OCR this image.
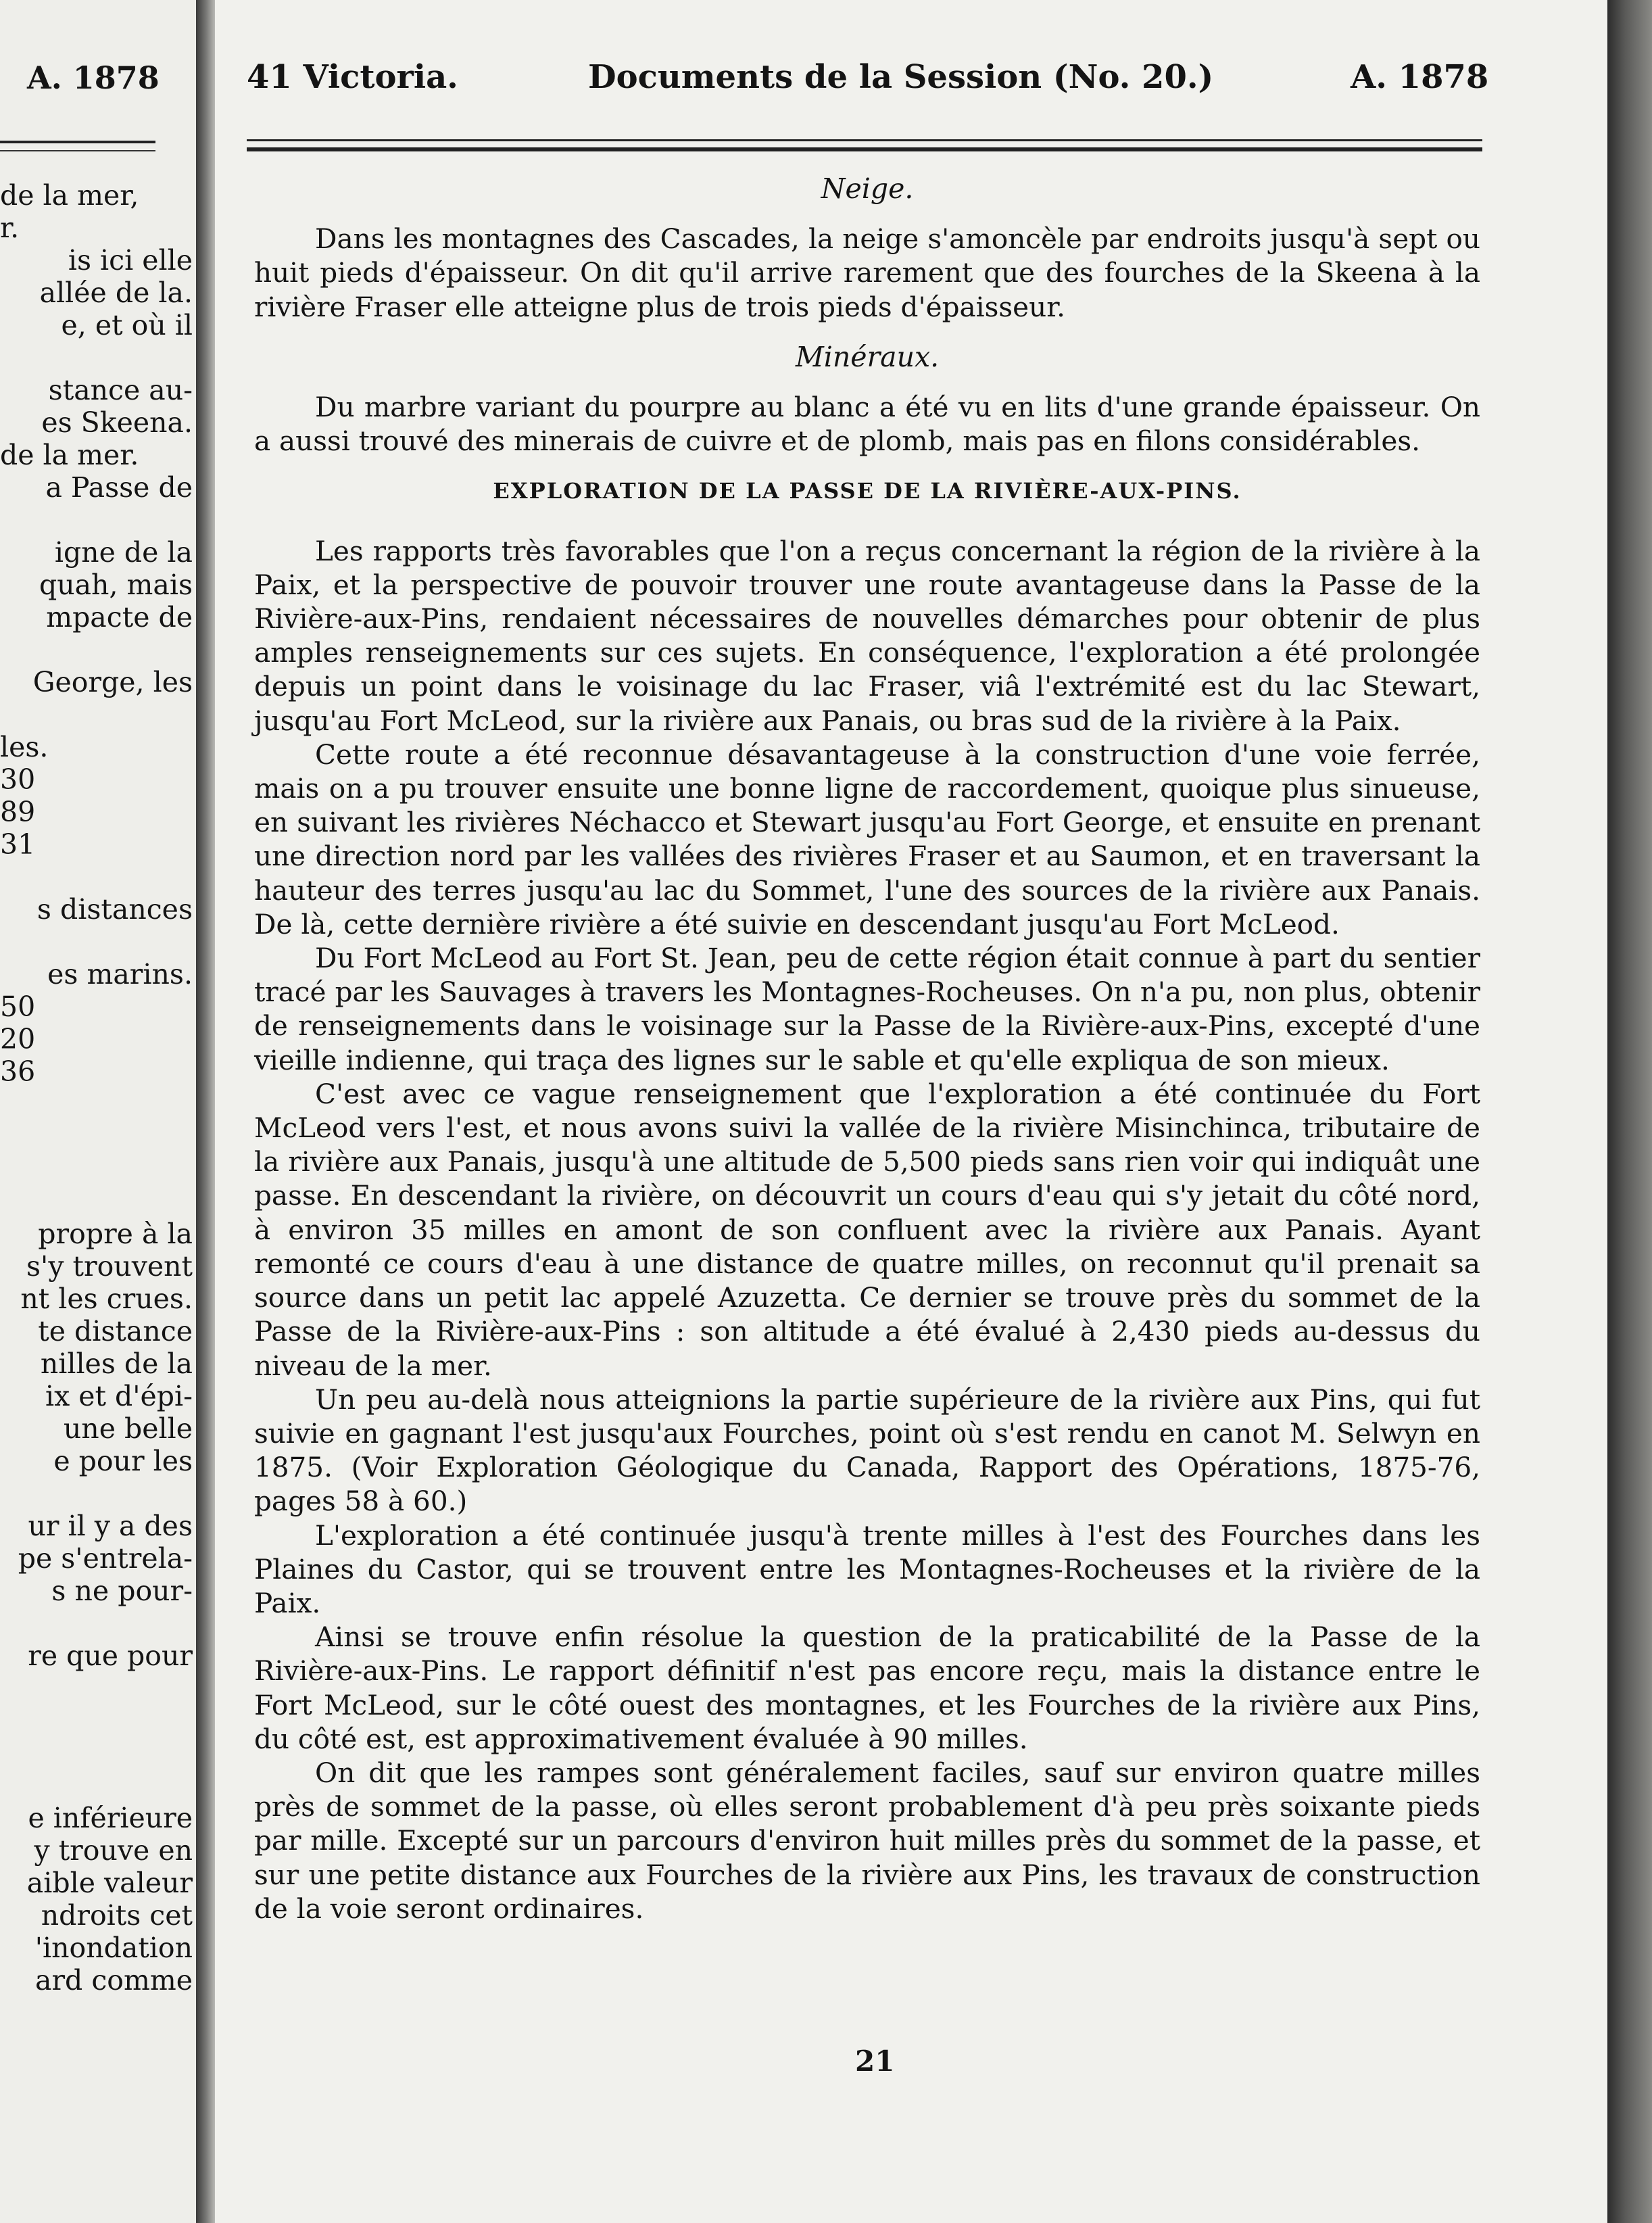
A. 1878
de la mer,
r.
is ici elle
allée de la.
e, et où il
stance au-
es Skeena.
de la mer.
a Passe de
igne de la
quah, mais
mpacte de
George, les
les.
30
89
31
s distances
es marins.
50
20
36
propre à la
s'y trouvent
nt les crues.
te distance
nilles de la
ix et d'épi-
une belle
e pour les
ur il y a des
pe s'entrela-
s ne pour-
re que pour
e inférieure
y trouve en
aible valeur
ndroits cet
'inondation
ard comme
Documents de la Session (No. 20.)	A. 1878

Neige.

Dans les montagnes des Cascades, la neige s'amoncèle par endroits jusqu'à sept ou huit pieds d'épaisseur. On dit qu'il arrive rarement que des fourches de la Skeena à la rivière Fraser elle atteigne plus de trois pieds d'épaisseur.

Minéraux.

Du marbre variant du pourpre au blanc a été vu en lits d'une grande épaisseur. On a aussi trouvé des minerais de cuivre et de plomb, mais pas en filons considérables.

EXPLORATION DE LA PASSE DE LA RIVIÈRE-AUX-PINS.

Les rapports très favorables que l'on a reçus concernant la région de la rivière à la Paix, et la perspective de pouvoir trouver une route avantageuse dans la Passe de la Rivière-aux-Pins, rendaient nécessaires de nouvelles démarches pour obtenir de plus amples renseignements sur ces sujets. En conséquence, l'exploration a été prolongée depuis un point dans le voisinage du lac Fraser, viâ l'extrémité est du lac Stewart, jusqu'au Fort McLeod, sur la rivière aux Panais, ou bras sud de la rivière à la Paix.

Cette route a été reconnue désavantageuse à la construction d'une voie ferrée, mais on a pu trouver ensuite une bonne ligne de raccordement, quoique plus sinueuse, en suivant les rivières Néchacco et Stewart jusqu'au Fort George, et ensuite en prenant une direction nord par les vallées des rivières Fraser et au Saumon, et en traversant la hauteur des terres jusqu'au lac du Sommet, l'une des sources de la rivière aux Panais. De là, cette dernière rivière a été suivie en descendant jusqu'au Fort McLeod.

Du Fort McLeod au Fort St. Jean, peu de cette région était connue à part du sentier tracé par les Sauvages à travers les Montagnes-Rocheuses. On n'a pu, non plus, obtenir de renseignements dans le voisinage sur la Passe de la Rivière-aux-Pins, excepté d'une vieille indienne, qui traça des lignes sur le sable et qu'elle expliqua de son mieux.

C'est avec ce vague renseignement que l'exploration a été continuée du Fort McLeod vers l'est, et nous avons suivi la vallée de la rivière Misinchinca, tributaire de la rivière aux Panais, jusqu'à une altitude de 5,500 pieds sans rien voir qui indiquât une passe. En descendant la rivière, on découvrit un cours d'eau qui s'y jetait du côté nord, à environ 35 milles en amont de son confluent avec la rivière aux Panais. Ayant remonté ce cours d'eau à une distance de quatre milles, on reconnut qu'il prenait sa source dans un petit lac appelé Azuzetta. Ce dernier se trouve près du sommet de la Passe de la Rivière-aux-Pins : son altitude a été évalué à 2,430 pieds au-dessus du niveau de la mer.

Un peu au-delà nous atteignions la partie supérieure de la rivière aux Pins, qui fut suivie en gagnant l'est jusqu'aux Fourches, point où s'est rendu en canot M. Selwyn en 1875. (Voir Exploration Géologique du Canada, Rapport des Opérations, 1875-76, pages 58 à 60.)

L'exploration a été continuée jusqu'à trente milles à l'est des Fourches dans les Plaines du Castor, qui se trouvent entre les Montagnes-Rocheuses et la rivière de la Paix.

Ainsi se trouve enfin résolue la question de la praticabilité de la Passe de la Rivière-aux-Pins. Le rapport définitif n'est pas encore reçu, mais la distance entre le Fort McLeod, sur le côté ouest des montagnes, et les Fourches de la rivière aux Pins, du côté est, est approximativement évaluée à 90 milles.

On dit que les rampes sont généralement faciles, sauf sur environ quatre milles près de sommet de la passe, où elles seront probablement d'à peu près soixante pieds par mille. Excepté sur un parcours d'environ huit milles près du sommet de la passe, et sur une petite distance aux Fourches de la rivière aux Pins, les travaux de construction de la voie seront ordinaires.

21
41 Victoria.
